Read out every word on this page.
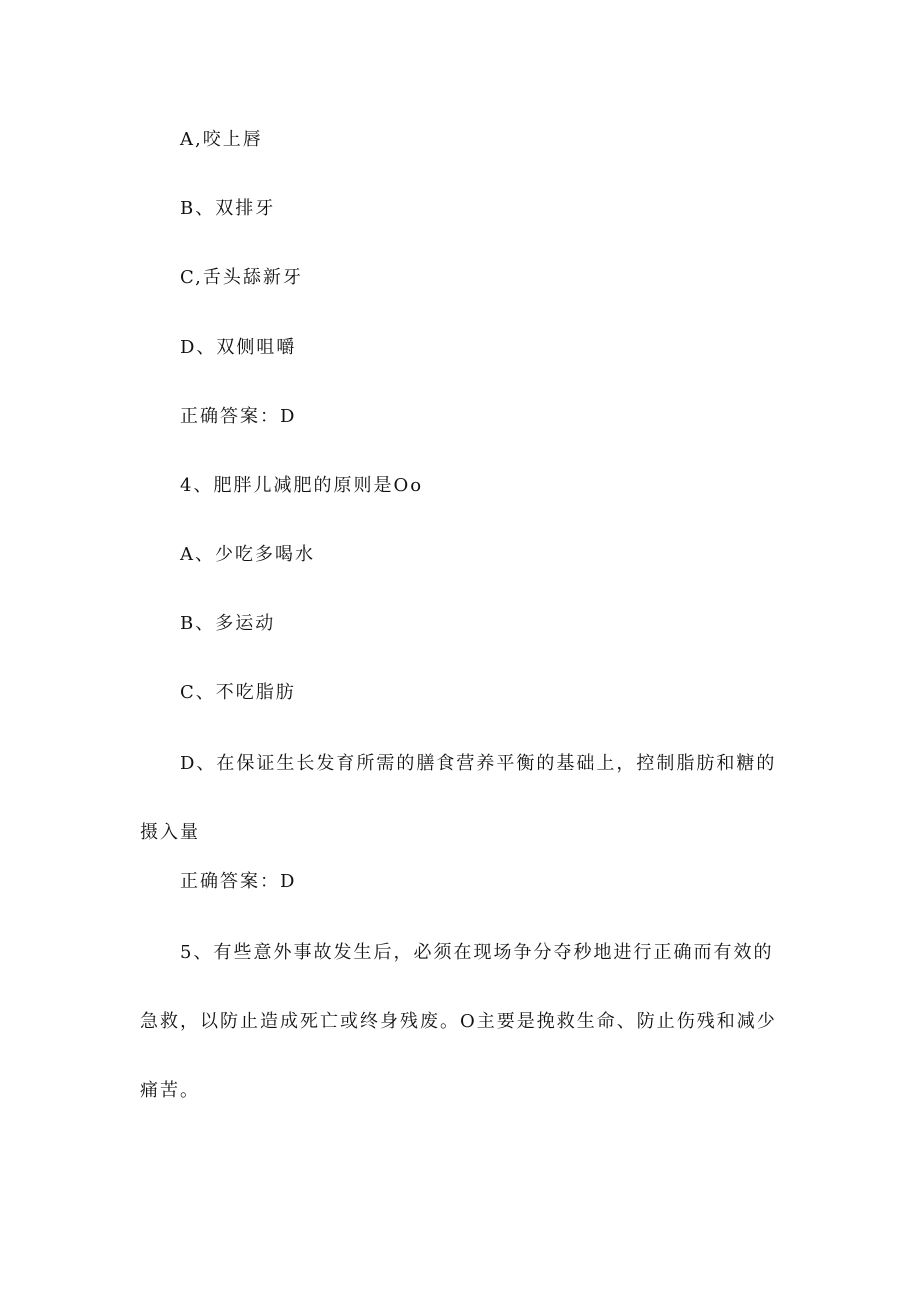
A,咬上唇
B、双排牙
C,舌头舔新牙
D、双侧咀嚼
正确答案：D
4、肥胖儿减肥的原则是Oo
A、少吃多喝水
B、多运动
C、不吃脂肪
D、在保证生长发育所需的膳食营养平衡的基础上，控制脂肪和糖的摄入量
正确答案：D
5、有些意外事故发生后，必须在现场争分夺秒地进行正确而有效的急救，以防止造成死亡或终身残废。O主要是挽救生命、防止伤残和减少痛苦。
